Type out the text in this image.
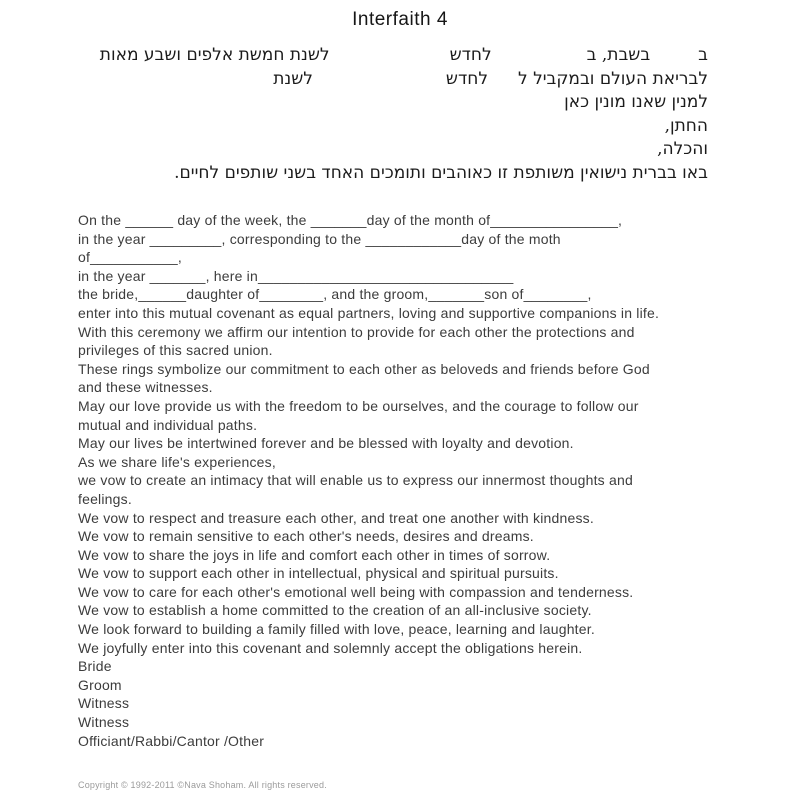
Interfaith 4
בבשבת, בלחדשלשנת חמשת אלפים ושבע מאות
לבריאת העולם ובמקביל ללחדשלשנת
למנין שאנו מונין כאן
החתן,
והכלה,
באו בברית נישואין משותפת זו כאוהבים ותומכים האחד בשני שותפים לחיים.
On the ______ day of the week, the _______day of the month of________________,
in the year _________, corresponding to the ____________day of the moth
of___________,
in the year _______, here in________________________________
the bride,______daughter of________, and the groom,_______son of________,
enter into this mutual covenant as equal partners, loving and supportive companions in life.
With this ceremony we affirm our intention to provide for each other the protections and
privileges of this sacred union.
These rings symbolize our commitment to each other as beloveds and friends before God
and these witnesses.
May our love provide us with the freedom to be ourselves, and the courage to follow our
mutual and individual paths.
May our lives be intertwined forever and be blessed with loyalty and devotion.
As we share life's experiences,
we vow to create an intimacy that will enable us to express our innermost thoughts and
feelings.
We vow to respect and treasure each other, and treat one another with kindness.
We vow to remain sensitive to each other's needs, desires and dreams.
We vow to share the joys in life and comfort each other in times of sorrow.
We vow to support each other in intellectual, physical and spiritual pursuits.
We vow to care for each other's emotional well being with compassion and tenderness.
We vow to establish a home committed to the creation of an all-inclusive society.
We look forward to building a family filled with love, peace, learning and laughter.
We joyfully enter into this covenant and solemnly accept the obligations herein.
Bride
Groom
Witness
Witness
Officiant/Rabbi/Cantor /Other
Copyright © 1992-2011 ©Nava Shoham. All rights reserved.
